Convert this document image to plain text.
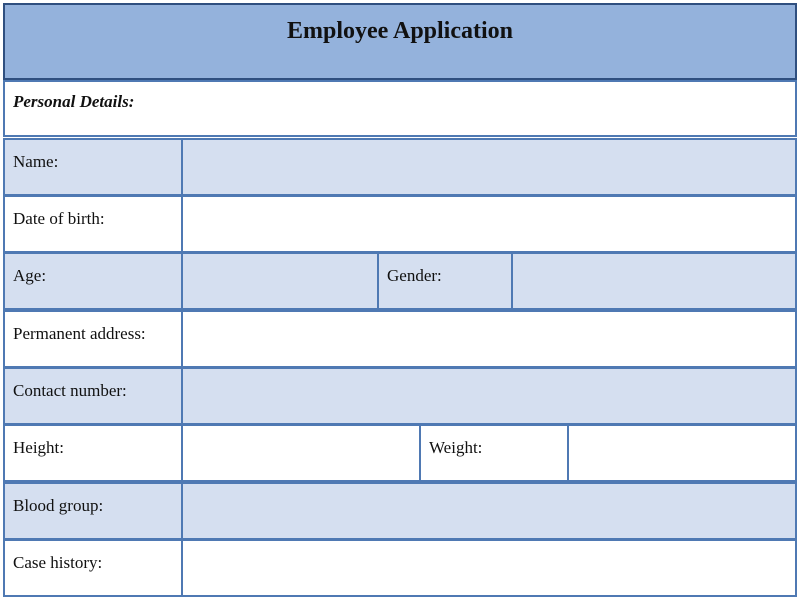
Employee Application
Personal Details:
Name:
Date of birth:
Age:	Gender:
Permanent address:
Contact number:
Height:	Weight:
Blood group:
Case history:
